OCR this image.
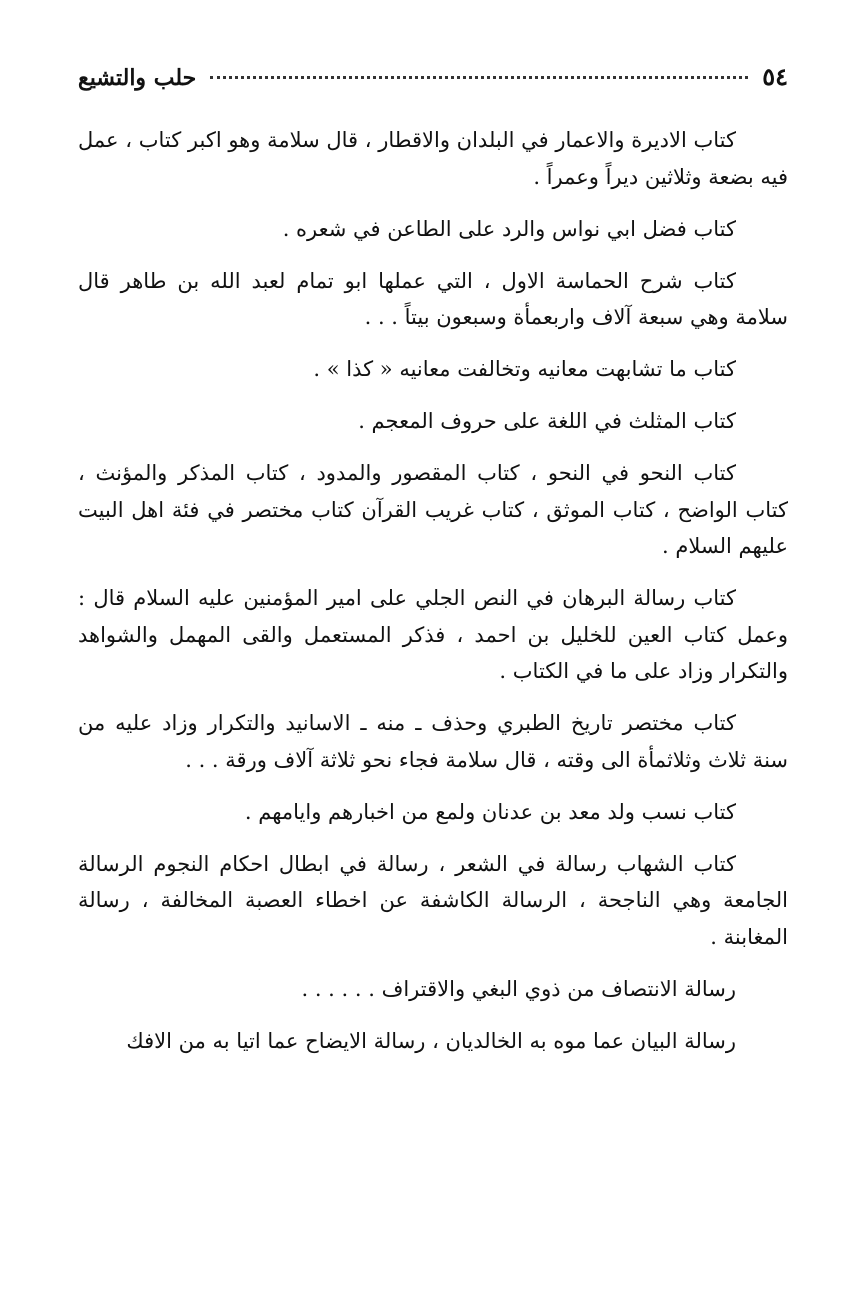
٥٤
حلب والتشيع

كتاب الاديرة والاعمار في البلدان والاقطار ، قال سلامة وهو اكبر كتاب ، عمل فيه بضعة وثلاثين ديراً وعمراً .

كتاب فضل ابي نواس والرد على الطاعن في شعره .

كتاب شرح الحماسة الاول ، التي عملها ابو تمام لعبد الله بن طاهر قال سلامة وهي سبعة آلاف واربعمأة وسبعون بيتاً . . .

كتاب ما تشابهت معانيه وتخالفت معانيه « كذا » .

كتاب المثلث في اللغة على حروف المعجم .

كتاب النحو في النحو ، كتاب المقصور والمدود ، كتاب المذكر والمؤنث ، كتاب الواضح ، كتاب الموثق ، كتاب غريب القرآن كتاب مختصر في فئة اهل البيت عليهم السلام .

كتاب رسالة البرهان في النص الجلي على امير المؤمنين عليه السلام قال : وعمل كتاب العين للخليل بن احمد ، فذكر المستعمل والقى المهمل والشواهد والتكرار وزاد على ما في الكتاب .

كتاب مختصر تاريخ الطبري وحذف ـ منه ـ الاسانيد والتكرار وزاد عليه من سنة ثلاث وثلاثمأة الى وقته ، قال سلامة فجاء نحو ثلاثة آلاف ورقة . . .

كتاب نسب ولد معد بن عدنان ولمع من اخبارهم وايامهم .

كتاب الشهاب رسالة في الشعر ، رسالة في ابطال احكام النجوم الرسالة الجامعة وهي الناجحة ، الرسالة الكاشفة عن اخطاء العصبة المخالفة ، رسالة المغابنة .

رسالة الانتصاف من ذوي البغي والاقتراف . . . . . .

رسالة البيان عما موه به الخالديان ، رسالة الايضاح عما اتيا به من الافك
